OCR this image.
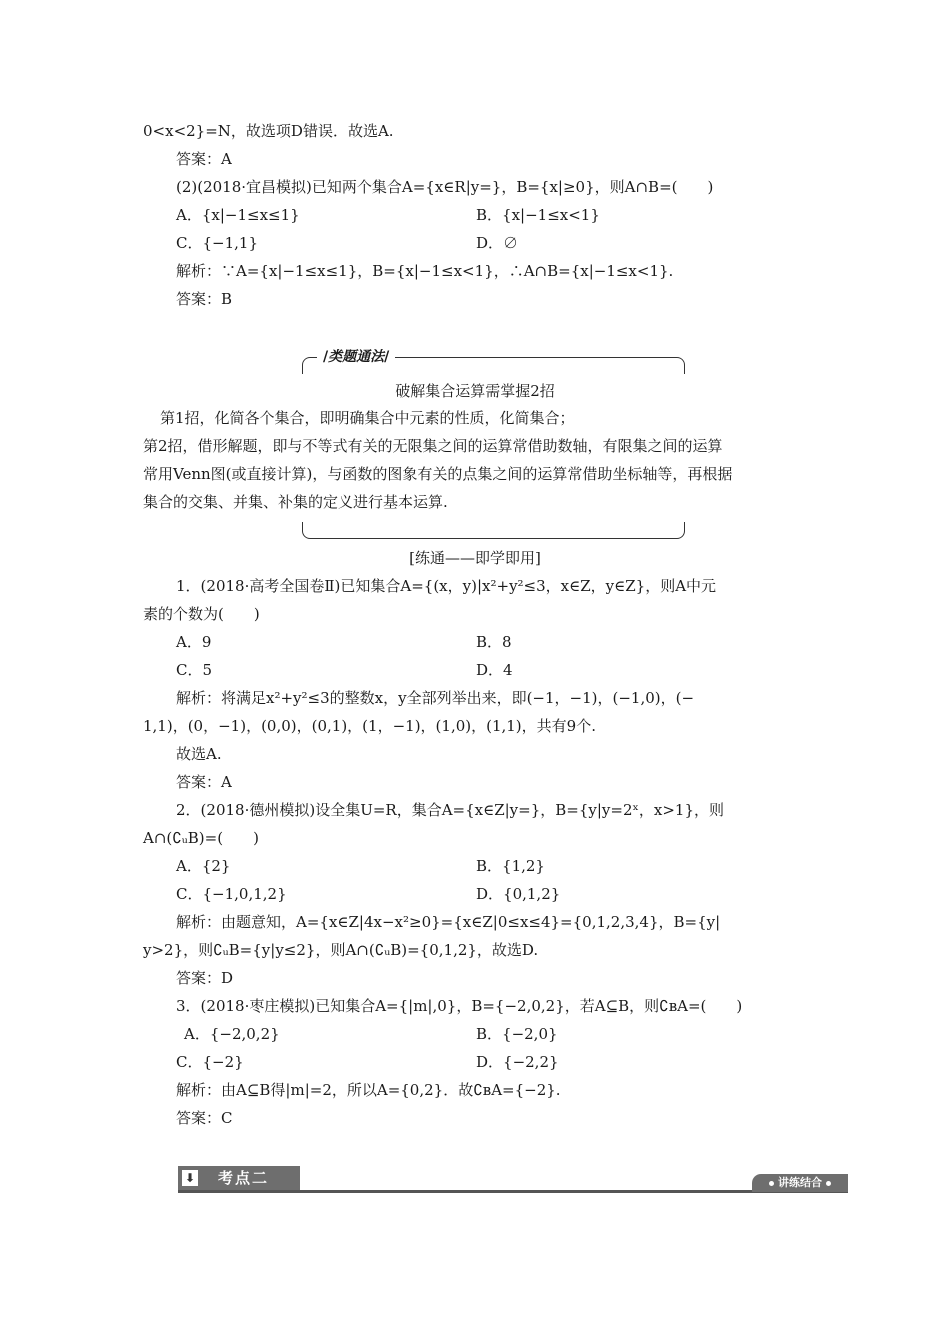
0<x<2}=N，故选项D错误．故选A.
答案：A
(2)(2018·宜昌模拟)已知两个集合A={x∈R|y=}，B={x|≥0}，则A∩B=(　　)
A．{x|−1≤x≤1}	B．{x|−1≤x<1}
C．{−1,1}	D．∅
解析：∵A={x|−1≤x≤1}，B={x|−1≤x<1}，∴A∩B={x|−1≤x<1}.
答案：B
/类题通法/
破解集合运算需掌握2招
第1招，化简各个集合，即明确集合中元素的性质，化简集合；
第2招，借形解题，即与不等式有关的无限集之间的运算常借助数轴，有限集之间的运算
常用Venn图(或直接计算)，与函数的图象有关的点集之间的运算常借助坐标轴等，再根据
集合的交集、并集、补集的定义进行基本运算.
[练通——即学即用]
1．(2018·高考全国卷Ⅱ)已知集合A={(x，y)|x²+y²≤3，x∈Z，y∈Z}，则A中元
素的个数为(　　)
A．9	B．8
C．5	D．4
解析：将满足x²+y²≤3的整数x，y全部列举出来，即(−1，−1)，(−1,0)，(−
1,1)，(0，−1)，(0,0)，(0,1)，(1，−1)，(1,0)，(1,1)，共有9个.
故选A.
答案：A
2．(2018·德州模拟)设全集U=R，集合A={x∈Z|y=}，B={y|y=2ˣ，x>1}，则
A∩(∁ᵤB)=(　　)
A．{2}	B．{1,2}
C．{−1,0,1,2}	D．{0,1,2}
解析：由题意知，A={x∈Z|4x−x²≥0}={x∈Z|0≤x≤4}={0,1,2,3,4}，B={y|
y>2}，则∁ᵤB={y|y≤2}，则A∩(∁ᵤB)={0,1,2}，故选D.
答案：D
3．(2018·枣庄模拟)已知集合A={|m|,0}，B={−2,0,2}，若A⊆B，则∁ʙA=(　　)
A．{−2,0,2}	B．{−2,0}
C．{−2}	D．{−2,2}
解析：由A⊆B得|m|=2，所以A={0,2}．故∁ʙA={−2}.
答案：C
⬇ 考点二	讲练结合
